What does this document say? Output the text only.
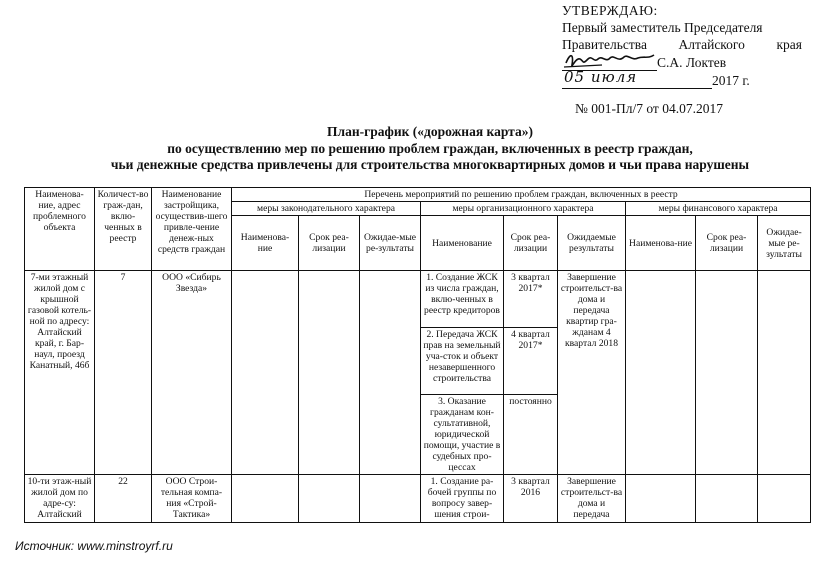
УТВЕРЖДАЮ:
Первый заместитель Председателя
Правительства Алтайского края
С.А. Локтев
05 июля	2017 г.
№ 001-Пл/7 от 04.07.2017
План-график («дорожная карта»)
по осуществлению мер по решению проблем граждан, включенных в реестр граждан,
чьи денежные средства привлечены для строительства многоквартирных домов и чьи права нарушены
Наименова-ние, адрес проблемного объекта	Количест-во граж-дан, вклю-ченных в реестр	Наименование застройщика, осуществив-шего привле-чение денеж-ных средств граждан	Перечень мероприятий по решению проблем граждан, включенных в реестр								
			меры законодательного характера			меры организационного характера			меры финансового характера		
			Наименова-ние	Срок реа-лизации	Ожидае-мые ре-зультаты	Наименование	Срок реа-лизации	Ожидаемые результаты	Наименова-ние	Срок реа-лизации	Ожидае-мые ре-зультаты
7-ми этажный жилой дом с крышной газовой котель-ной по адресу: Алтайский край, г. Бар-наул, проезд Канатный, 46б	7	ООО «Сибирь Звезда»				1. Создание ЖСК из числа граждан, вклю-ченных в реестр кредиторов	3 квартал 2017*	Завершение строительст-ва дома и передача квартир гра-жданам 4 квартал 2018			
						2. Передача ЖСК прав на земельный уча-сток и объект незавершенного строительства	4 квартал 2017*				
						3. Оказание гражданам кон-сультативной, юридической помощи, участие в судебных про-цессах	постоянно				
10-ти этаж-ный жилой дом по адре-су: Алтайский	22	ООО Строи-тельная компа-ния «Строй-Тактика»				1. Создание ра-бочей группы по вопросу завер-шения строи-	3 квартал 2016	Завершение строительст-ва дома и передача			
Источник: www.minstroyrf.ru
